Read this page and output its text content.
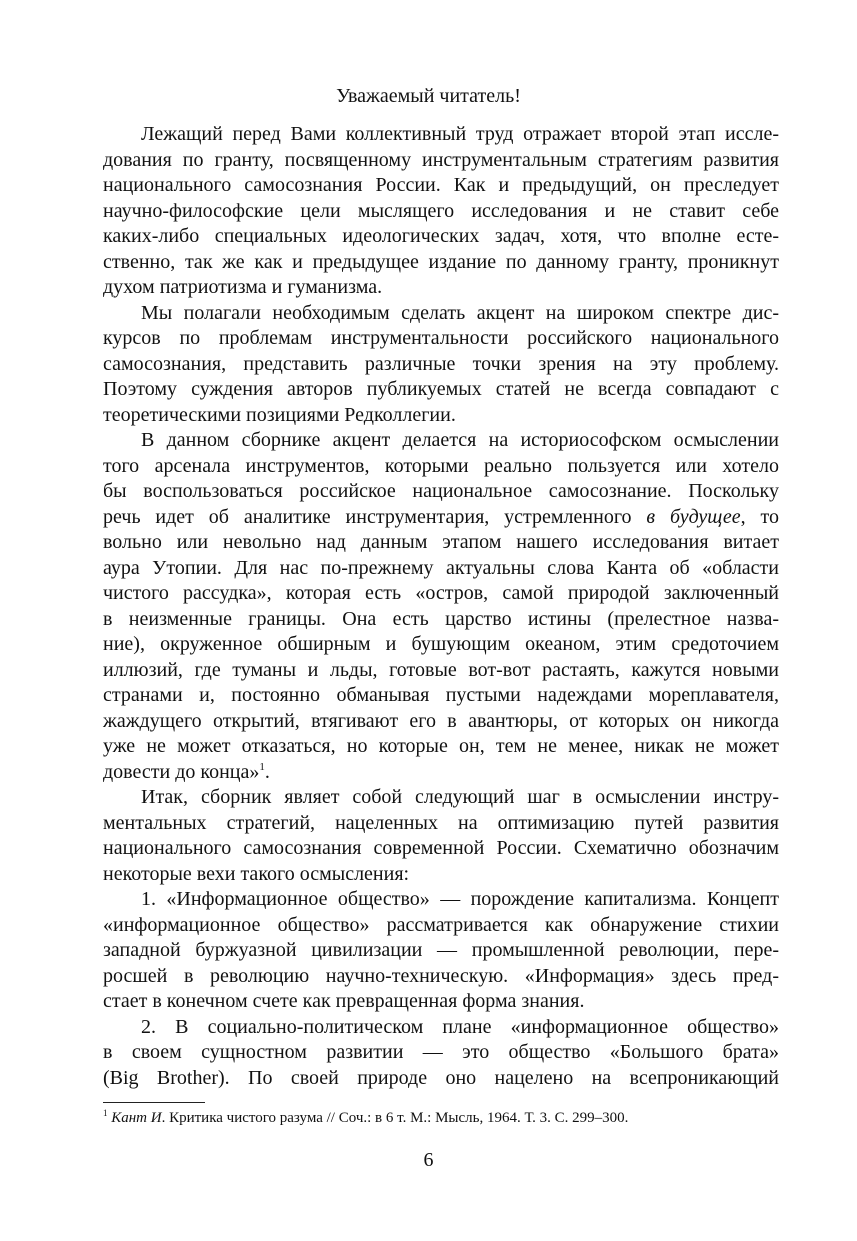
Уважаемый читатель!
Лежащий перед Вами коллективный труд отражает второй этап иссле-
дования по гранту, посвященному инструментальным стратегиям развития
национального самосознания России. Как и предыдущий, он преследует
научно-философские цели мыслящего исследования и не ставит себе
каких-либо специальных идеологических задач, хотя, что вполне есте-
ственно, так же как и предыдущее издание по данному гранту, проникнут
духом патриотизма и гуманизма.
Мы полагали необходимым сделать акцент на широком спектре дис-
курсов по проблемам инструментальности российского национального
самосознания, представить различные точки зрения на эту проблему.
Поэтому суждения авторов публикуемых статей не всегда совпадают с
теоретическими позициями Редколлегии.
В данном сборнике акцент делается на историософском осмыслении
того арсенала инструментов, которыми реально пользуется или хотело
бы воспользоваться российское национальное самосознание. Поскольку
речь идет об аналитике инструментария, устремленного в будущее, то
вольно или невольно над данным этапом нашего исследования витает
аура Утопии. Для нас по-прежнему актуальны слова Канта об «области
чистого рассудка», которая есть «остров, самой природой заключенный
в неизменные границы. Она есть царство истины (прелестное назва-
ние), окруженное обширным и бушующим океаном, этим средоточием
иллюзий, где туманы и льды, готовые вот-вот растаять, кажутся новыми
странами и, постоянно обманывая пустыми надеждами мореплавателя,
жаждущего открытий, втягивают его в авантюры, от которых он никогда
уже не может отказаться, но которые он, тем не менее, никак не может
довести до конца»$^1$.
Итак, сборник являет собой следующий шаг в осмыслении инстру-
ментальных стратегий, нацеленных на оптимизацию путей развития
национального самосознания современной России. Схематично обозначим
некоторые вехи такого осмысления:
1. «Информационное общество» — порождение капитализма. Концепт
«информационное общество» рассматривается как обнаружение стихии
западной буржуазной цивилизации — промышленной революции, пере-
росшей в революцию научно-техническую. «Информация» здесь пред-
стает в конечном счете как превращенная форма знания.
2. В социально-политическом плане «информационное общество»
в своем сущностном развитии — это общество «Большого брата»
(Big Brother). По своей природе оно нацелено на всепроникающий
$^1$ Кант И. Критика чистого разума // Соч.: в 6 т. М.: Мысль, 1964. Т. 3. С. 299–300.
6
